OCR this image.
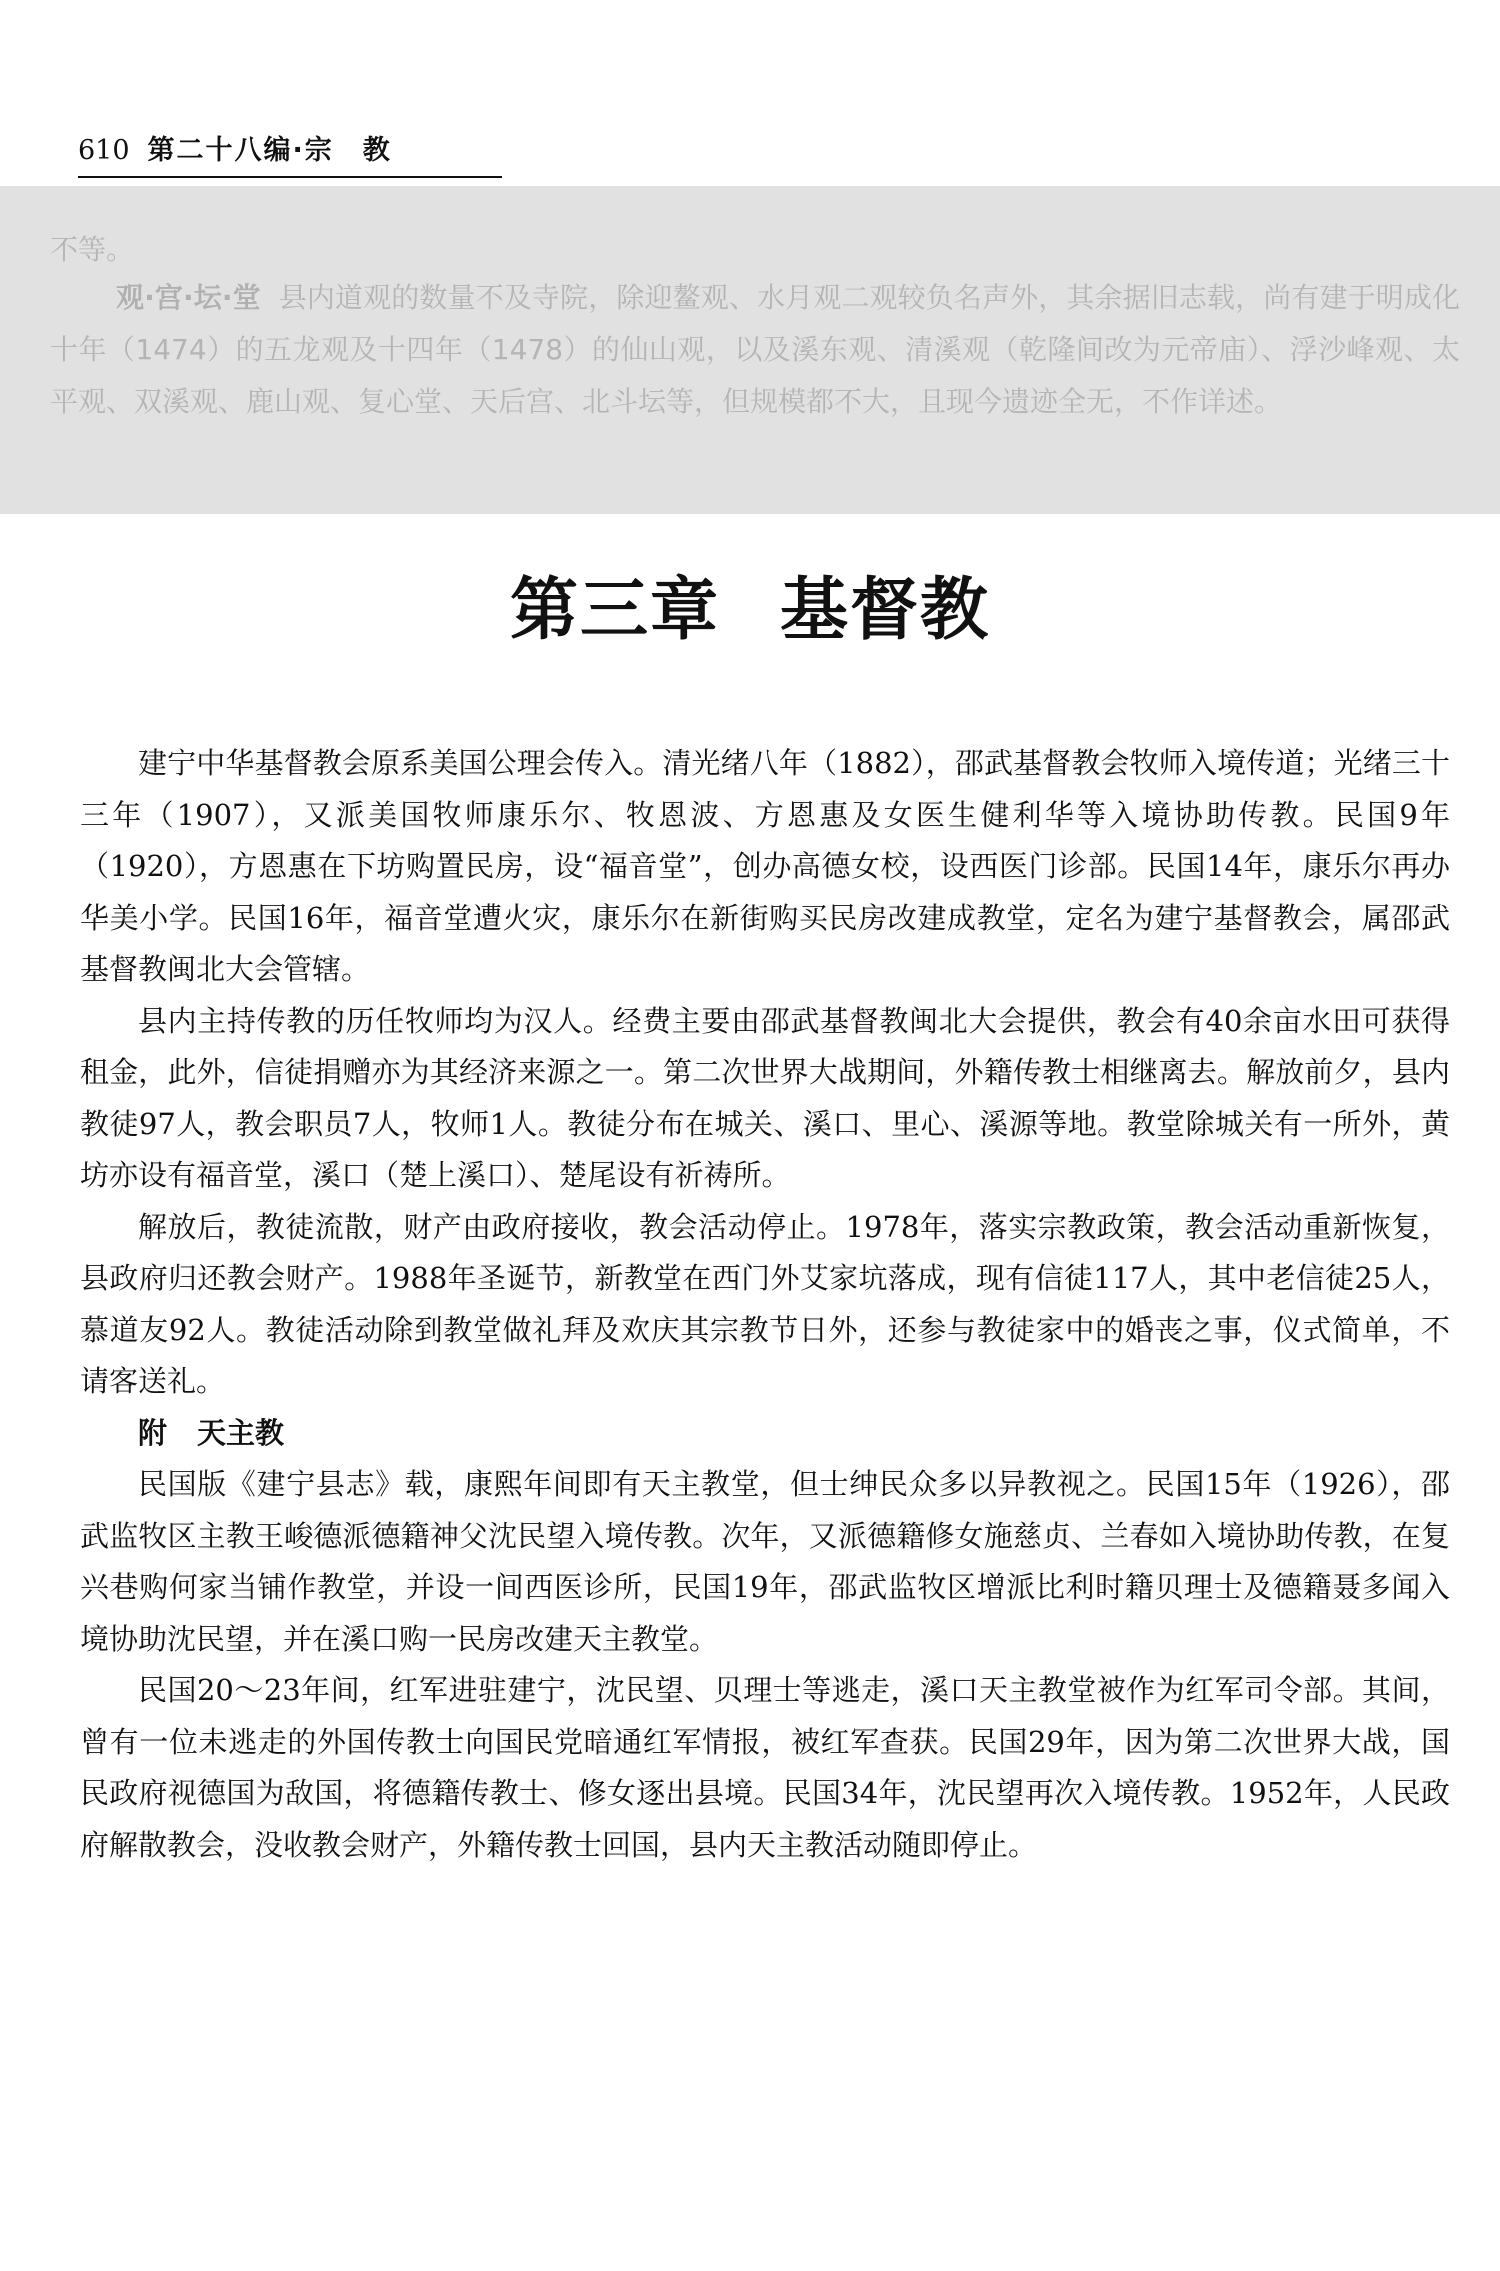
610 第二十八编·宗　教

不等。

观·宫·坛·堂 县内道观的数量不及寺院，除迎鳌观、水月观二观较负名声外，其余据旧志载，尚有建于明成化十年（1474）的五龙观及十四年（1478）的仙山观，以及溪东观、清溪观（乾隆间改为元帝庙）、浮沙峰观、太平观、双溪观、鹿山观、复心堂、天后宫、北斗坛等，但规模都不大，且现今遗迹全无，不作详述。

第三章 基督教

建宁中华基督教会原系美国公理会传入。清光绪八年（1882），邵武基督教会牧师入境传道；光绪三十三年（1907），又派美国牧师康乐尔、牧恩波、方恩惠及女医生健利华等入境协助传教。民国9年（1920），方恩惠在下坊购置民房，设“福音堂”，创办高德女校，设西医门诊部。民国14年，康乐尔再办华美小学。民国16年，福音堂遭火灾，康乐尔在新街购买民房改建成教堂，定名为建宁基督教会，属邵武基督教闽北大会管辖。

县内主持传教的历任牧师均为汉人。经费主要由邵武基督教闽北大会提供，教会有40余亩水田可获得租金，此外，信徒捐赠亦为其经济来源之一。第二次世界大战期间，外籍传教士相继离去。解放前夕，县内教徒97人，教会职员7人，牧师1人。教徒分布在城关、溪口、里心、溪源等地。教堂除城关有一所外，黄坊亦设有福音堂，溪口（楚上溪口）、楚尾设有祈祷所。

解放后，教徒流散，财产由政府接收，教会活动停止。1978年，落实宗教政策，教会活动重新恢复，县政府归还教会财产。1988年圣诞节，新教堂在西门外艾家坑落成，现有信徒117人，其中老信徒25人，慕道友92人。教徒活动除到教堂做礼拜及欢庆其宗教节日外，还参与教徒家中的婚丧之事，仪式简单，不请客送礼。

附 天主教

民国版《建宁县志》载，康熙年间即有天主教堂，但士绅民众多以异教视之。民国15年（1926），邵武监牧区主教王峻德派德籍神父沈民望入境传教。次年，又派德籍修女施慈贞、兰春如入境协助传教，在复兴巷购何家当铺作教堂，并设一间西医诊所，民国19年，邵武监牧区增派比利时籍贝理士及德籍聂多闻入境协助沈民望，并在溪口购一民房改建天主教堂。

民国20～23年间，红军进驻建宁，沈民望、贝理士等逃走，溪口天主教堂被作为红军司令部。其间，曾有一位未逃走的外国传教士向国民党暗通红军情报，被红军查获。民国29年，因为第二次世界大战，国民政府视德国为敌国，将德籍传教士、修女逐出县境。民国34年，沈民望再次入境传教。1952年，人民政府解散教会，没收教会财产，外籍传教士回国，县内天主教活动随即停止。
